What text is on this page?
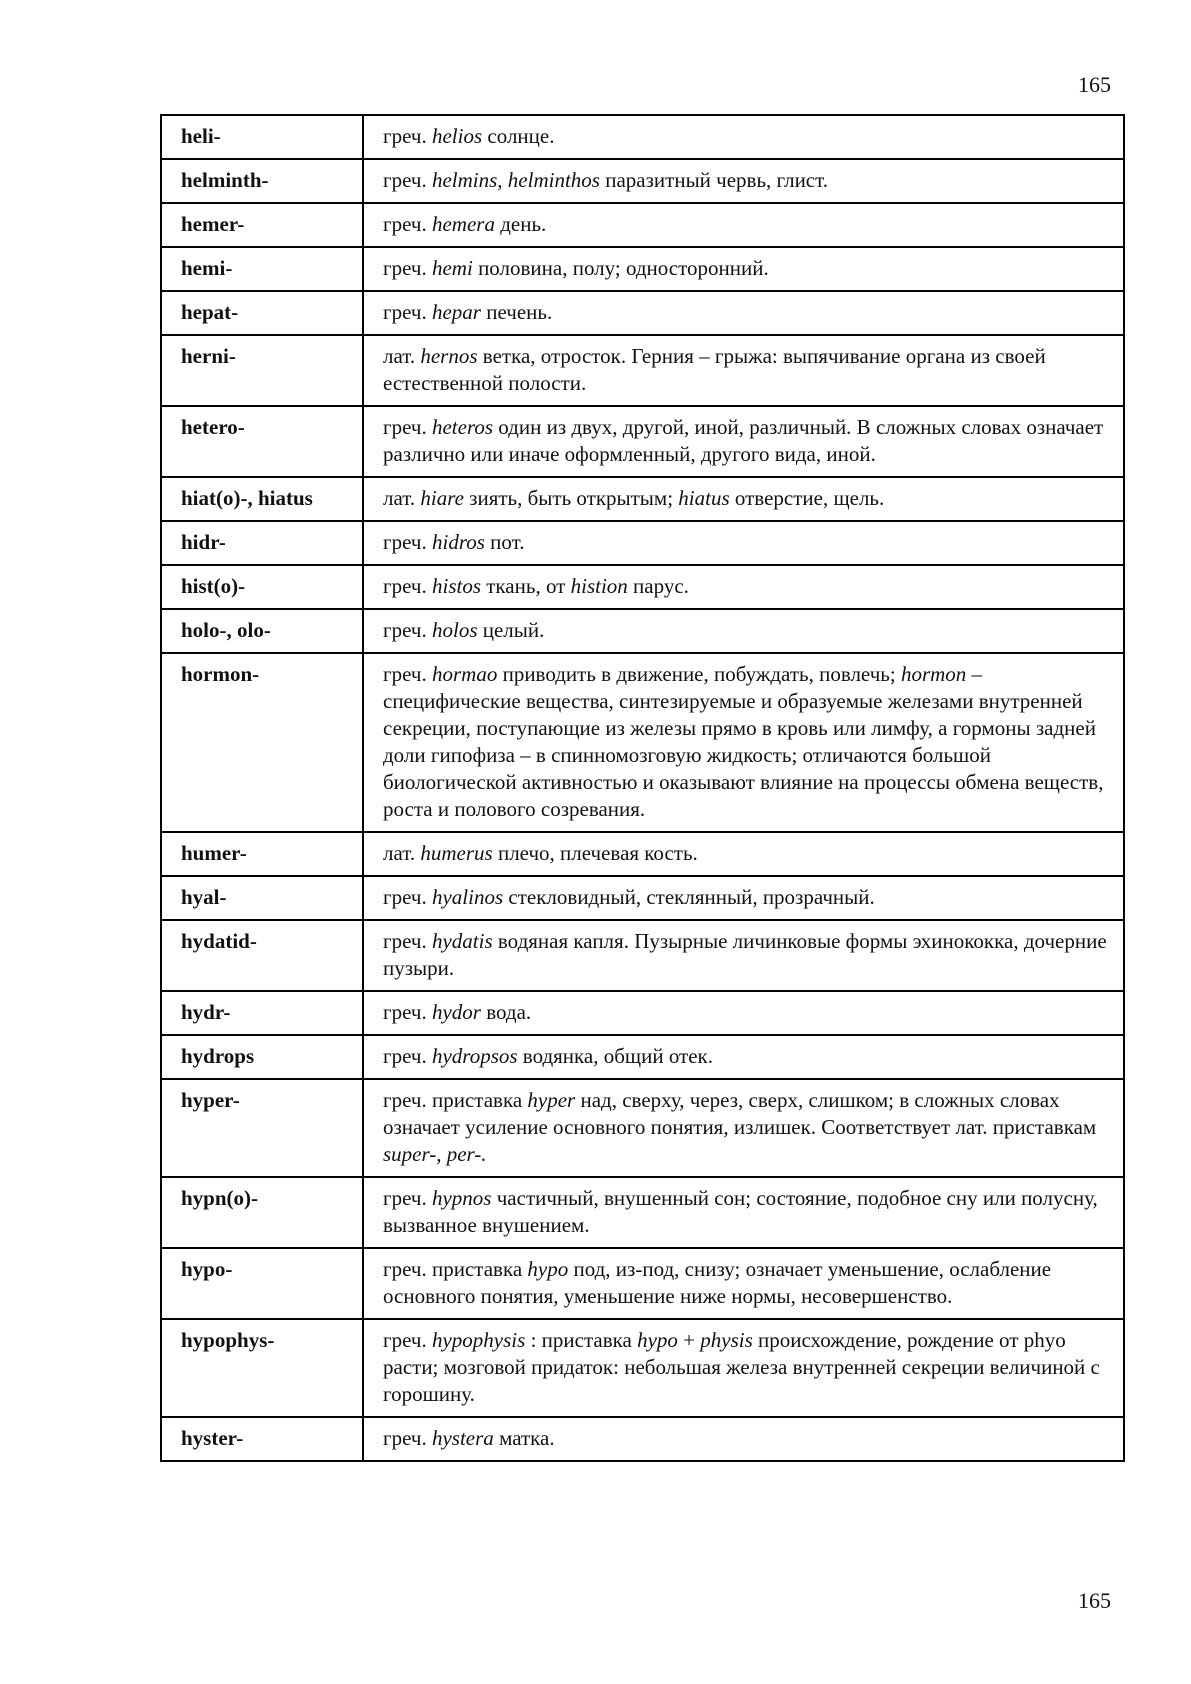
165
heli-	греч. helios солнце.
helminth-	греч. helmins, helminthos паразитный червь, глист.
hemer-	греч. hemera день.
hemi-	греч. hemi половина, полу; односторонний.
hepat-	греч. hepar печень.
herni-	лат. hernos ветка, отросток. Герния – грыжа: выпячивание органа из своей естественной полости.
hetero-	греч. heteros один из двух, другой, иной, различный. В сложных словах означает различно или иначе оформленный, другого вида, иной.
hiat(o)-, hiatus	лат. hiare зиять, быть открытым; hiatus отверстие, щель.
hidr-	греч. hidros пот.
hist(o)-	греч. histos ткань, от histion парус.
holo-, olo-	греч. holos целый.
hormon-	греч. hormao приводить в движение, побуждать, повлечь; hormon – специфические вещества, синтезируемые и образуемые железами внутренней секреции, поступающие из железы прямо в кровь или лимфу, а гормоны задней доли гипофиза – в спинномозговую жидкость; отличаются большой биологической активностью и оказывают влияние на процессы обмена веществ, роста и полового созревания.
humer-	лат. humerus плечо, плечевая кость.
hyal-	греч. hyalinos стекловидный, стеклянный, прозрачный.
hydatid-	греч. hydatis водяная капля. Пузырные личинковые формы эхинококка, дочерние пузыри.
hydr-	греч. hydor вода.
hydrops	греч. hydropsos водянка, общий отек.
hyper-	греч. приставка hyper над, сверху, через, сверх, слишком; в сложных словах означает усиление основного понятия, излишек. Соответствует лат. приставкам super-, per-.
hypn(o)-	греч. hypnos частичный, внушенный сон; состояние, подобное сну или полусну, вызванное внушением.
hypo-	греч. приставка hypo под, из-под, снизу; означает уменьшение, ослабление основного понятия, уменьшение ниже нормы, несовершенство.
hypophys-	греч. hypophysis : приставка hypo + physis происхождение, рождение от phyo расти; мозговой придаток: небольшая железа внутренней секреции величиной с горошину.
hyster-	греч. hystera матка.
165
